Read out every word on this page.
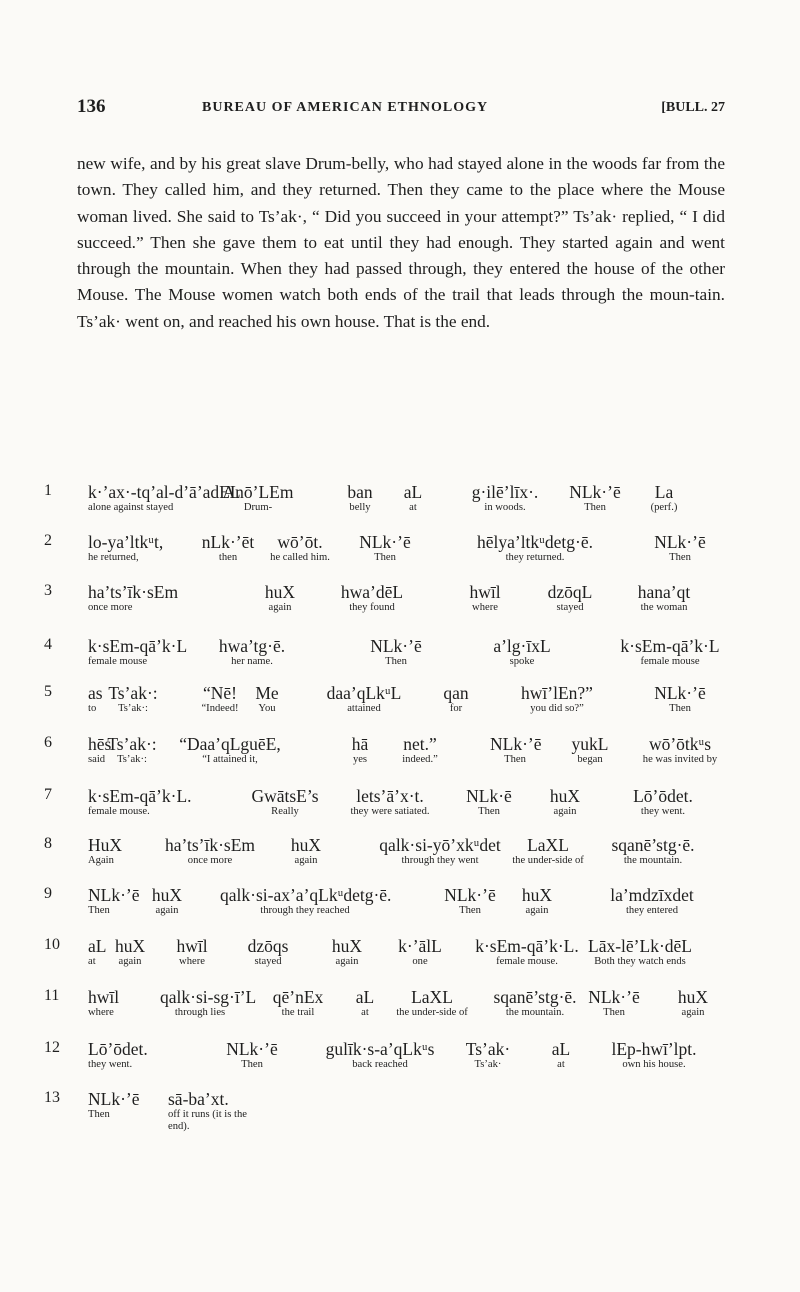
136	BUREAU OF AMERICAN ETHNOLOGY	[BULL. 27

new wife, and by his great slave Drum-belly, who had stayed alone in the woods far from the town. They called him, and they returned. Then they came to the place where the Mouse woman lived. She said to Ts’ak·, “ Did you succeed in your attempt?” Ts’ak· replied, “ I did succeed.” Then she gave them to eat until they had enough. They started again and went through the mountain. When they had passed through, they entered the house of the other Mouse. The Mouse women watch both ends of the trail that leads through the moun-tain. Ts’ak· went on, and reached his own house. That is the end.

1 k·’ax·-tq’al-d’ā’adEL
alone against stayed
Anō’LEm
Drum-
ban
belly
aL
at
g·ilē’līx·.
in woods.
NLk·’ē
Then
La
(perf.)
2 lo-ya’ltkᵘt,
he returned,
nLk·’ēt
then
wō’ōt.
he called him.
NLk·’ē
Then
hēlya’ltkᵘdetg·ē.
they returned.
NLk·’ē
Then
3 ha’ts’īk·sEm
once more
huX
again
hwa’dēL
they found
hwīl
where
dzōqL
stayed
hana’qt
the woman
4 k·sEm-qā’k·L
female mouse
hwa’tg·ē.
her name.
NLk·’ē
Then
a’lg·īxL
spoke
k·sEm-qā’k·L
female mouse
5 as
to
Ts’ak·:
Ts’ak·:
“Nē!
“Indeed!
Me
You
daa’qLkᵘL
attained
qan
for
hwī’lEn?”
you did so?”
NLk·’ē
Then
6 hēs
said
Ts’ak·:
Ts’ak·:
“Daa’qLguēE,
“I attained it,
hā
yes
net.”
indeed.”
NLk·’ē
Then
yukL
began
wō’ōtkᵘs
he was invited by
7 k·sEm-qā’k·L.
female mouse.
GwātsE’s
Really
lets’ā’x·t.
they were satiated.
NLk·ē
Then
huX
again
Lō’ōdet.
they went.
8 HuX
Again
ha’ts’īk·sEm
once more
huX
again
qalk·si-yō’xkᵘdet
through they went
LaXL
the under-side of
sqanē’stg·ē.
the mountain.
9 NLk·’ē
Then
huX
again
qalk·si-ax’a’qLkᵘdetg·ē.
through they reached
NLk·’ē
Then
huX
again
la’mdzīxdet
they entered
10 aL
at
huX
again
hwīl
where
dzōqs
stayed
huX
again
k·’ālL
one
k·sEm-qā’k·L.
female mouse.
Lāx-lē’Lk·dēL
Both they watch ends
11 hwīl
where
qalk·si-sg·ī’L
through lies
qē’nEx
the trail
aL
at
LaXL
the under-side of
sqanē’stg·ē.
the mountain.
NLk·’ē
Then
huX
again
12 Lō’ōdet.
they went.
NLk·’ē
Then
gulīk·s-a’qLkᵘs
back reached
Ts’ak·
Ts’ak·
aL
at
lEp-hwī’lpt.
own his house.
13 NLk·’ē
Then
sā-ba’xt.
off it runs (it is the end).
